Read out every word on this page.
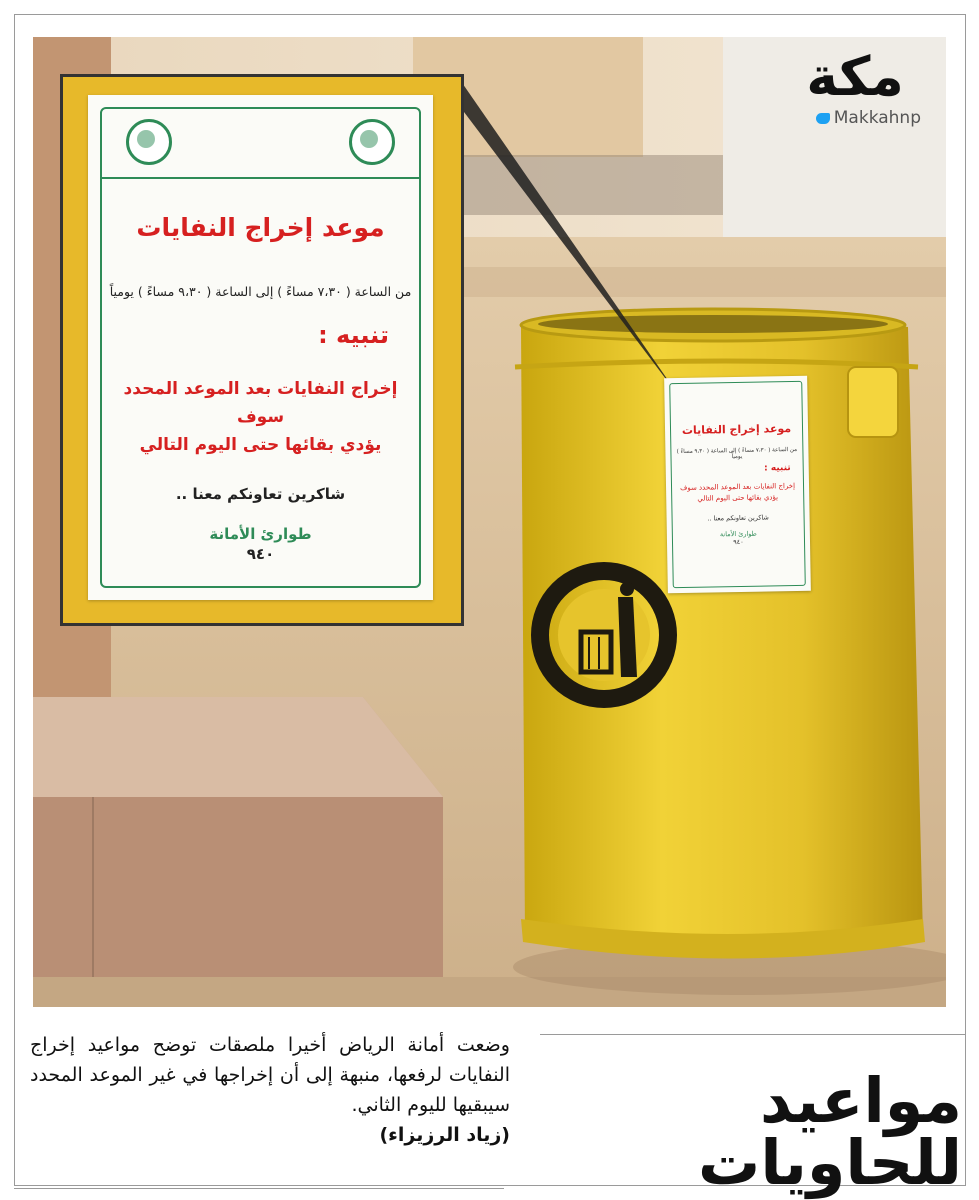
مكة
Makkahnp
موعد إخراج النفايات
من الساعة ( ٧،٣٠ مساءً ) إلى الساعة ( ٩،٣٠ مساءً ) يومياً
تنبيه :
إخراج النفايات بعد الموعد المحدد سوف
يؤدي بقائها حتى اليوم التالي
شاكرين تعاونكم معنا ..
طوارئ الأمانة
٩٤٠
موعد إخراج النفايات
من الساعة ( ٧،٣٠ مساءً ) إلى الساعة ( ٩،٣٠ مساءً ) يومياً
تنبيه :
إخراج النفايات بعد الموعد المحدد سوف
يؤدي بقائها حتى اليوم التالي
شاكرين تعاونكم معنا ..
طوارئ الأمانة
٩٤٠
مواعيد للحاويات
وضعت أمانة الرياض أخيرا ملصقات توضح مواعيد إخراج النفايات لرفعها، منبهة إلى أن إخراجها في غير الموعد المحدد سيبقيها لليوم الثاني.
(زياد الرزيزاء)
